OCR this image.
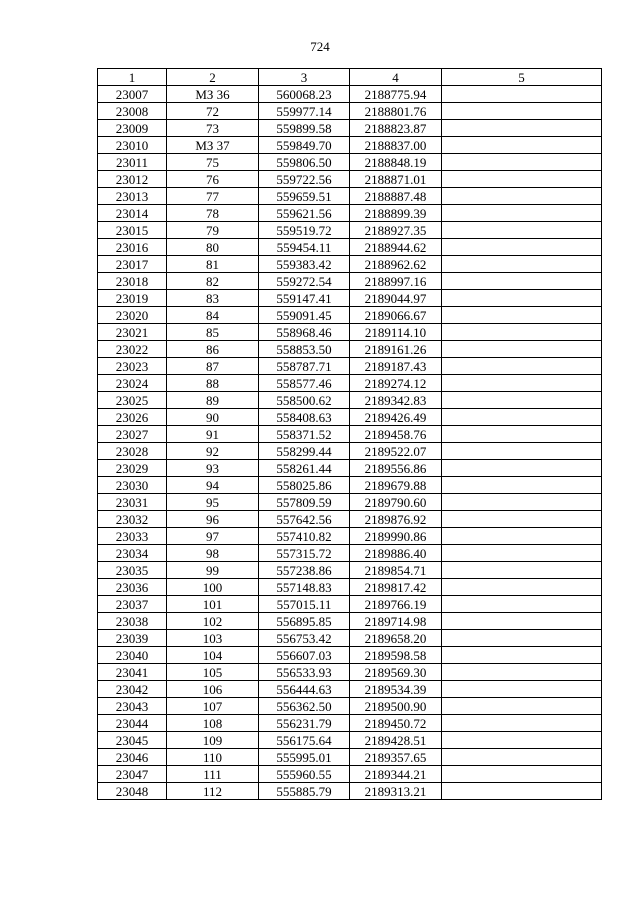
724
1	2	3	4	5
23007	МЗ 36	560068.23	2188775.94	
23008	72	559977.14	2188801.76	
23009	73	559899.58	2188823.87	
23010	МЗ 37	559849.70	2188837.00	
23011	75	559806.50	2188848.19	
23012	76	559722.56	2188871.01	
23013	77	559659.51	2188887.48	
23014	78	559621.56	2188899.39	
23015	79	559519.72	2188927.35	
23016	80	559454.11	2188944.62	
23017	81	559383.42	2188962.62	
23018	82	559272.54	2188997.16	
23019	83	559147.41	2189044.97	
23020	84	559091.45	2189066.67	
23021	85	558968.46	2189114.10	
23022	86	558853.50	2189161.26	
23023	87	558787.71	2189187.43	
23024	88	558577.46	2189274.12	
23025	89	558500.62	2189342.83	
23026	90	558408.63	2189426.49	
23027	91	558371.52	2189458.76	
23028	92	558299.44	2189522.07	
23029	93	558261.44	2189556.86	
23030	94	558025.86	2189679.88	
23031	95	557809.59	2189790.60	
23032	96	557642.56	2189876.92	
23033	97	557410.82	2189990.86	
23034	98	557315.72	2189886.40	
23035	99	557238.86	2189854.71	
23036	100	557148.83	2189817.42	
23037	101	557015.11	2189766.19	
23038	102	556895.85	2189714.98	
23039	103	556753.42	2189658.20	
23040	104	556607.03	2189598.58	
23041	105	556533.93	2189569.30	
23042	106	556444.63	2189534.39	
23043	107	556362.50	2189500.90	
23044	108	556231.79	2189450.72	
23045	109	556175.64	2189428.51	
23046	110	555995.01	2189357.65	
23047	111	555960.55	2189344.21	
23048	112	555885.79	2189313.21	
